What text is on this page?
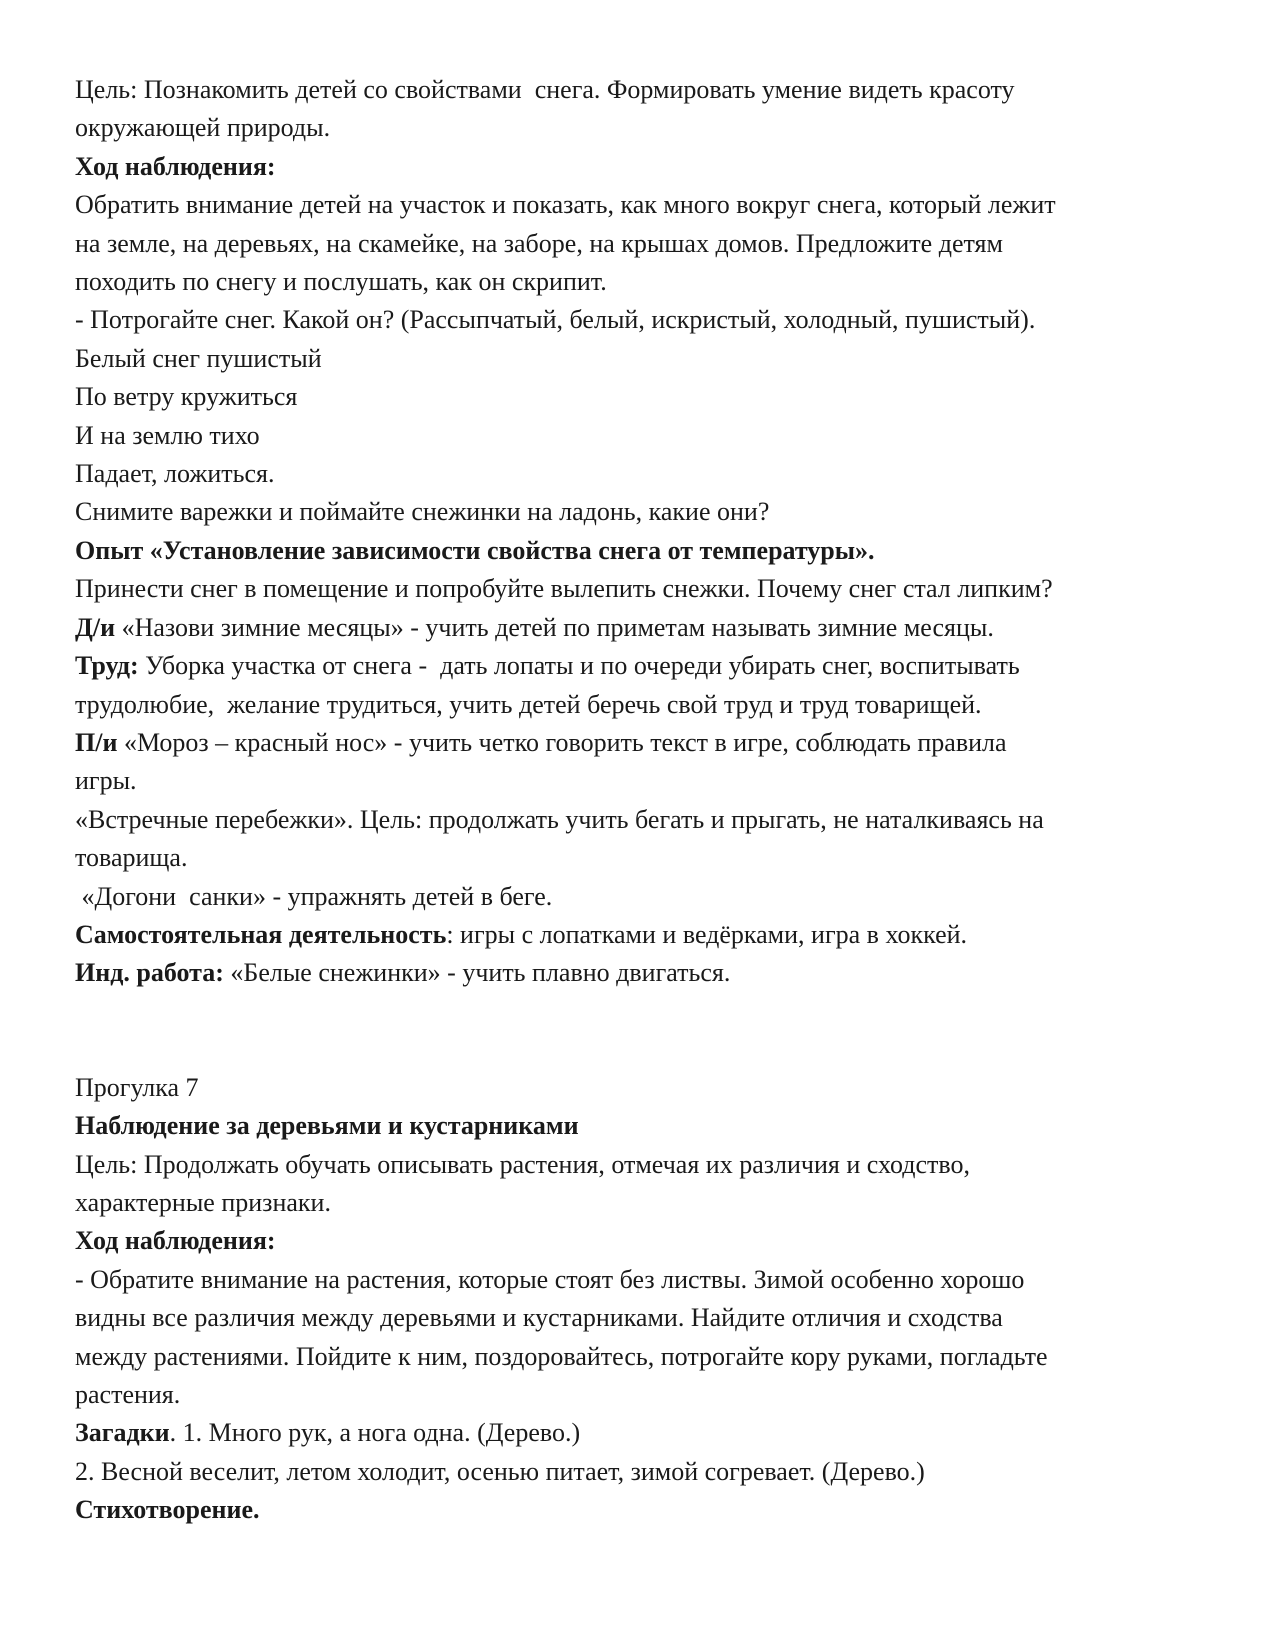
Цель: Познакомить детей со свойствами  снега. Формировать умение видеть красоту
окружающей природы.
Ход наблюдения:
Обратить внимание детей на участок и показать, как много вокруг снега, который лежит
на земле, на деревьях, на скамейке, на заборе, на крышах домов. Предложите детям
походить по снегу и послушать, как он скрипит.
- Потрогайте снег. Какой он? (Рассыпчатый, белый, искристый, холодный, пушистый).
Белый снег пушистый
По ветру кружиться
И на землю тихо
Падает, ложиться.
Снимите варежки и поймайте снежинки на ладонь, какие они?
Опыт «Установление зависимости свойства снега от температуры».
Принести снег в помещение и попробуйте вылепить снежки. Почему снег стал липким?
Д/и «Назови зимние месяцы» - учить детей по приметам называть зимние месяцы.
Труд: Уборка участка от снега -  дать лопаты и по очереди убирать снег, воспитывать
трудолюбие,  желание трудиться, учить детей беречь свой труд и труд товарищей.
П/и «Мороз – красный нос» - учить четко говорить текст в игре, соблюдать правила
игры.
«Встречные перебежки». Цель: продолжать учить бегать и прыгать, не наталкиваясь на
товарища.
«Догони  санки» - упражнять детей в беге.
Самостоятельная деятельность: игры с лопатками и ведёрками, игра в хоккей.
Инд. работа: «Белые снежинки» - учить плавно двигаться.
Прогулка 7
Наблюдение за деревьями и кустарниками
Цель: Продолжать обучать описывать растения, отмечая их различия и сходство,
характерные признаки.
Ход наблюдения:
- Обратите внимание на растения, которые стоят без листвы. Зимой особенно хорошо
видны все различия между деревьями и кустарниками. Найдите отличия и сходства
между растениями. Пойдите к ним, поздоровайтесь, потрогайте кору руками, погладьте
растения.
Загадки. 1. Много рук, а нога одна. (Дерево.)
2. Весной веселит, летом холодит, осенью питает, зимой согревает. (Дерево.)
Стихотворение.
